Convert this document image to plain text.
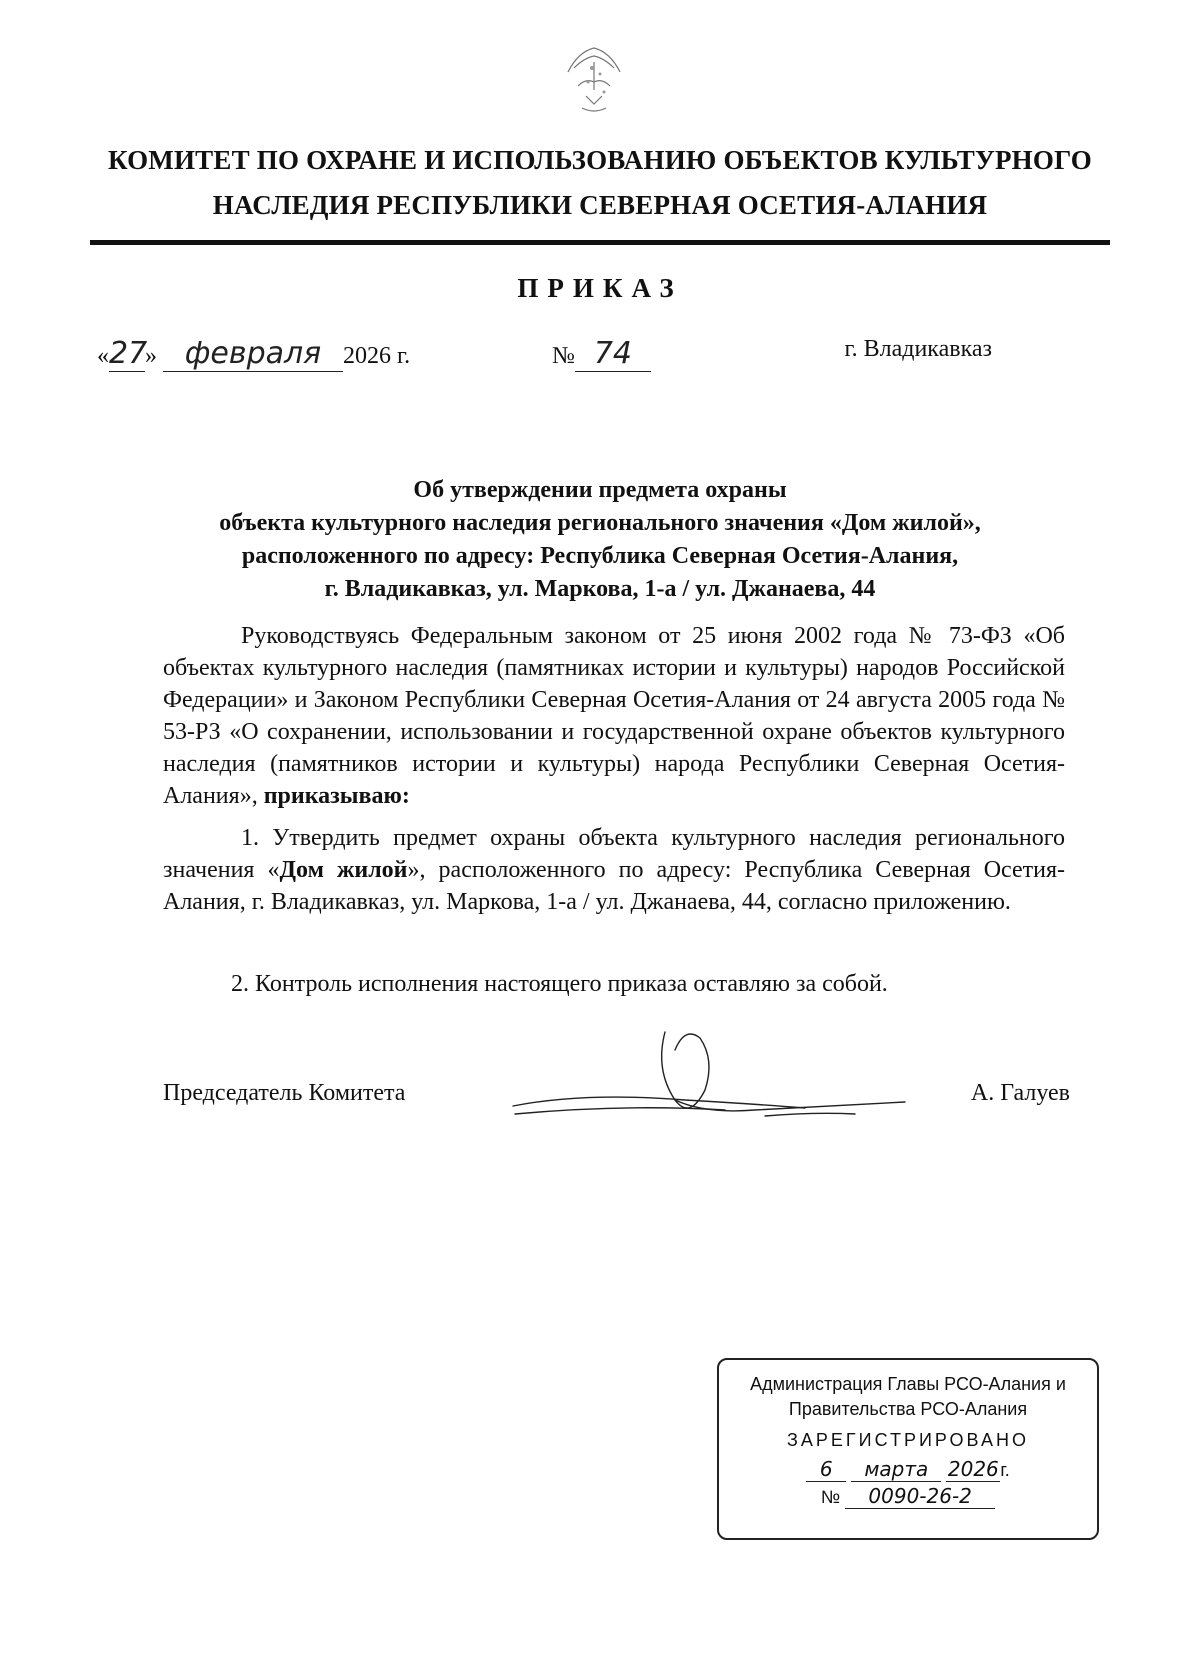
КОМИТЕТ ПО ОХРАНЕ И ИСПОЛЬЗОВАНИЮ ОБЪЕКТОВ КУЛЬТУРНОГО
НАСЛЕДИЯ РЕСПУБЛИКИ СЕВЕРНАЯ ОСЕТИЯ-АЛАНИЯ
ПРИКАЗ
«27» февраля 2026 г.	№ 74	г. Владикавказ
Об утверждении предмета охраны
объекта культурного наследия регионального значения «Дом жилой»,
расположенного по адресу: Республика Северная Осетия-Алания,
г. Владикавказ, ул. Маркова, 1-а / ул. Джанаева, 44
Руководствуясь Федеральным законом от 25 июня 2002 года № 73-ФЗ «Об объектах культурного наследия (памятниках истории и культуры) народов Российской Федерации» и Законом Республики Северная Осетия-Алания от 24 августа 2005 года № 53-РЗ «О сохранении, использовании и государственной охране объектов культурного наследия (памятников истории и культуры) народа Республики Северная Осетия-Алания», приказываю:
1. Утвердить предмет охраны объекта культурного наследия регионального значения «Дом жилой», расположенного по адресу: Республика Северная Осетия-Алания, г. Владикавказ, ул. Маркова, 1-а / ул. Джанаева, 44, согласно приложению.
2. Контроль исполнения настоящего приказа оставляю за собой.
Председатель Комитета	А. Галуев
Администрация Главы РСО-Алания и
Правительства РСО-Алания
ЗАРЕГИСТРИРОВАНО
6 марта 2026г.
№ 0090-26-2
